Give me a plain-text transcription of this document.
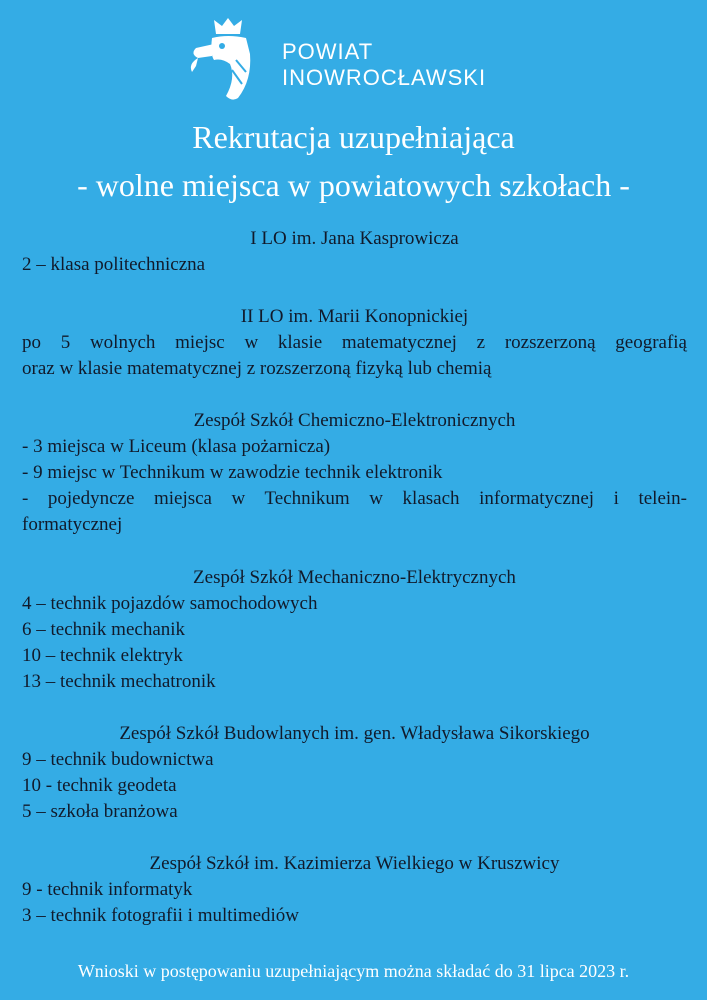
POWIAT
INOWROCŁAWSKI
Rekrutacja uzupełniająca
- wolne miejsca w powiatowych szkołach -
I LO im. Jana Kasprowicza
2 – klasa politechniczna
II LO im. Marii Konopnickiej
po 5 wolnych miejsc w klasie matematycznej z rozszerzoną geografią
oraz w klasie matematycznej z rozszerzoną fizyką lub chemią
Zespół Szkół Chemiczno-Elektronicznych
- 3 miejsca w Liceum (klasa pożarnicza)
- 9 miejsc w Technikum w zawodzie technik elektronik
- pojedyncze miejsca w Technikum w klasach informatycznej i telein-
formatycznej
Zespół Szkół Mechaniczno-Elektrycznych
4 – technik pojazdów samochodowych
6 – technik mechanik
10 – technik elektryk
13 – technik mechatronik
Zespół Szkół Budowlanych im. gen. Władysława Sikorskiego
9 – technik budownictwa
10 - technik geodeta
5 – szkoła branżowa
Zespół Szkół im. Kazimierza Wielkiego w Kruszwicy
9 - technik informatyk
3 – technik fotografii i multimediów
Wnioski w postępowaniu uzupełniającym można składać do 31 lipca 2023 r.
